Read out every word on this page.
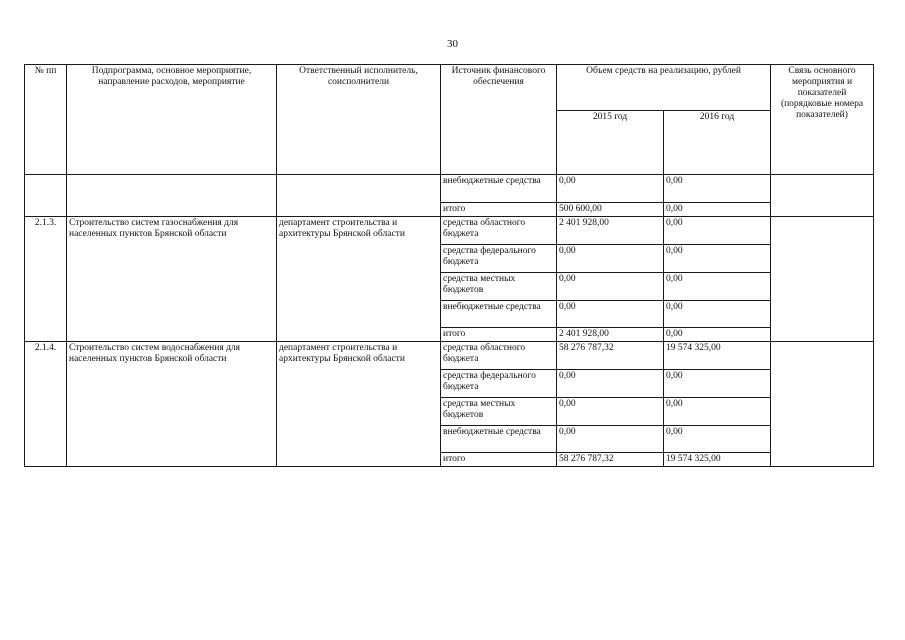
30
№ пп	Подпрограмма, основное мероприятие, направление расходов, мероприятие	Ответственный исполнитель, соисполнители	Источник финансового обеспечения	Объем средств на реализацию, рублей		Связь основного мероприятия и показателей (порядковые номера показателей)
				2015 год	2016 год	
			внебюджетные средства	0,00	0,00	
			итого	500 600,00	0,00	
2.1.3.	Строительство систем газоснабжения для населенных пунктов Брянской области	департамент строительства и архитектуры Брянской области	средства областного бюджета	2 401 928,00	0,00	
			средства федерального бюджета	0,00	0,00	
			средства местных бюджетов	0,00	0,00	
			внебюджетные средства	0,00	0,00	
			итого	2 401 928,00	0,00	
2.1.4.	Строительство систем водоснабжения для населенных пунктов Брянской области	департамент строительства и архитектуры Брянской области	средства областного бюджета	58 276 787,32	19 574 325,00	
			средства федерального бюджета	0,00	0,00	
			средства местных бюджетов	0,00	0,00	
			внебюджетные средства	0,00	0,00	
			итого	58 276 787,32	19 574 325,00	
